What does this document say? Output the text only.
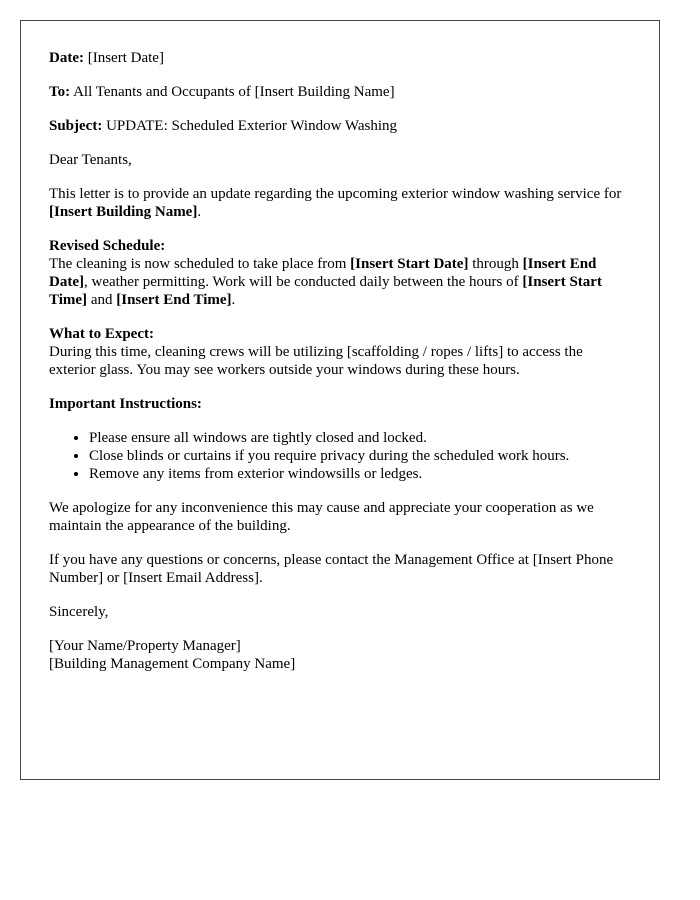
Date: [Insert Date]

To: All Tenants and Occupants of [Insert Building Name]

Subject: UPDATE: Scheduled Exterior Window Washing

Dear Tenants,

This letter is to provide an update regarding the upcoming exterior window washing service for [Insert Building Name].

Revised Schedule:
The cleaning is now scheduled to take place from [Insert Start Date] through [Insert End Date], weather permitting. Work will be conducted daily between the hours of [Insert Start Time] and [Insert End Time].

What to Expect:
During this time, cleaning crews will be utilizing [scaffolding / ropes / lifts] to access the exterior glass. You may see workers outside your windows during these hours.

Important Instructions:

• Please ensure all windows are tightly closed and locked.
• Close blinds or curtains if you require privacy during the scheduled work hours.
• Remove any items from exterior windowsills or ledges.

We apologize for any inconvenience this may cause and appreciate your cooperation as we maintain the appearance of the building.

If you have any questions or concerns, please contact the Management Office at [Insert Phone Number] or [Insert Email Address].

Sincerely,

[Your Name/Property Manager]

[Building Management Company Name]
